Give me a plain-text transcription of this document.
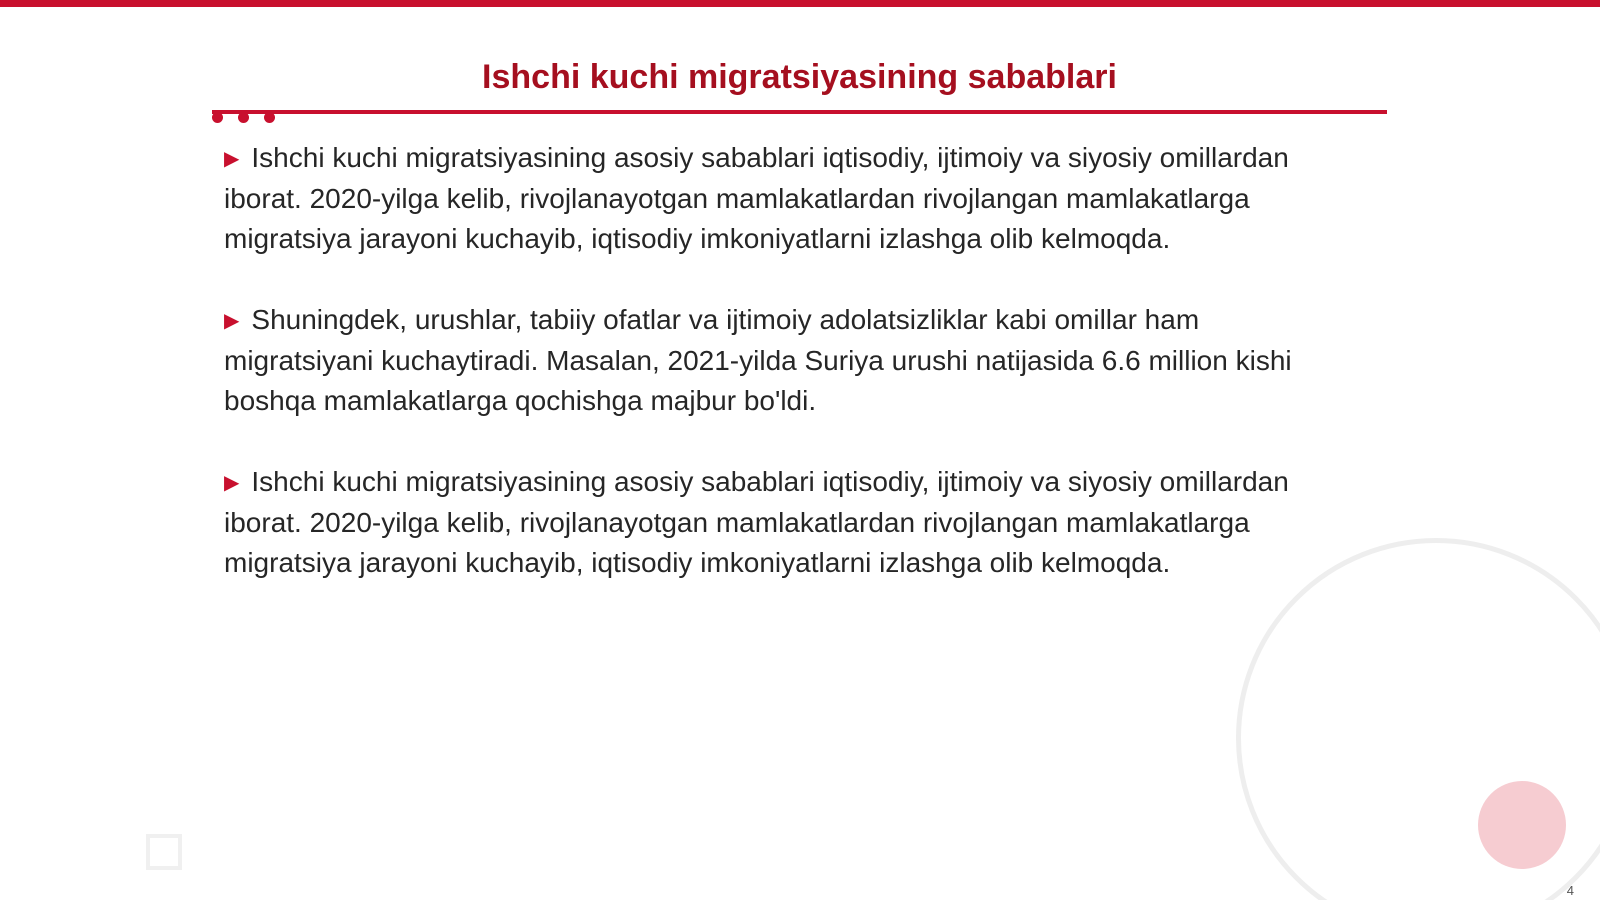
Ishchi kuchi migratsiyasining sabablari

▶ Ishchi kuchi migratsiyasining asosiy sabablari iqtisodiy, ijtimoiy va siyosiy omillardan iborat. 2020-yilga kelib, rivojlanayotgan mamlakatlardan rivojlangan mamlakatlarga migratsiya jarayoni kuchayib, iqtisodiy imkoniyatlarni izlashga olib kelmoqda.

▶ Shuningdek, urushlar, tabiiy ofatlar va ijtimoiy adolatsizliklar kabi omillar ham migratsiyani kuchaytiradi. Masalan, 2021-yilda Suriya urushi natijasida 6.6 million kishi boshqa mamlakatlarga qochishga majbur bo'ldi.

▶ Ishchi kuchi migratsiyasining asosiy sabablari iqtisodiy, ijtimoiy va siyosiy omillardan iborat. 2020-yilga kelib, rivojlanayotgan mamlakatlardan rivojlangan mamlakatlarga migratsiya jarayoni kuchayib, iqtisodiy imkoniyatlarni izlashga olib kelmoqda.

4
